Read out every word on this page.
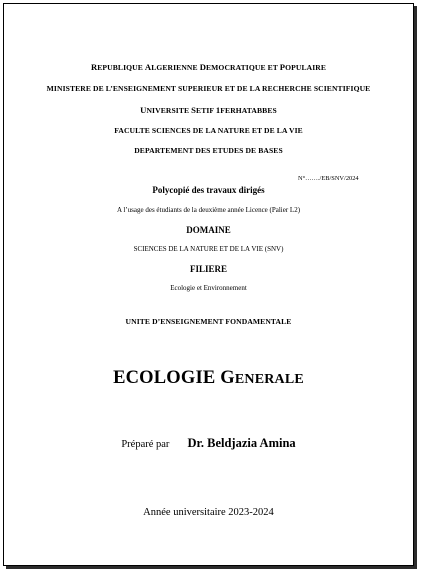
REPUBLIQUE ALGERIENNE DEMOCRATIQUE ET POPULAIRE
MINISTERE DE L’ENSEIGNEMENT SUPERIEUR ET DE LA RECHERCHE SCIENTIFIQUE
UNIVERSITE SETIF 1FERHATABBES
FACULTE SCIENCES DE LA NATURE ET DE LA VIE
DEPARTEMENT DES ETUDES DE BASES
N°……./EB/SNV/2024
Polycopié des travaux dirigés
A l’usage des étudiants de la deuxième année Licence (Palier L2)
DOMAINE
SCIENCES DE LA NATURE ET DE LA VIE (SNV)
FILIERE
Ecologie et Environnement
UNITE D’ENSEIGNEMENT FONDAMENTALE
ECOLOGIE GENERALE
Préparé par Dr. Beldjazia Amina
Année universitaire 2023-2024
